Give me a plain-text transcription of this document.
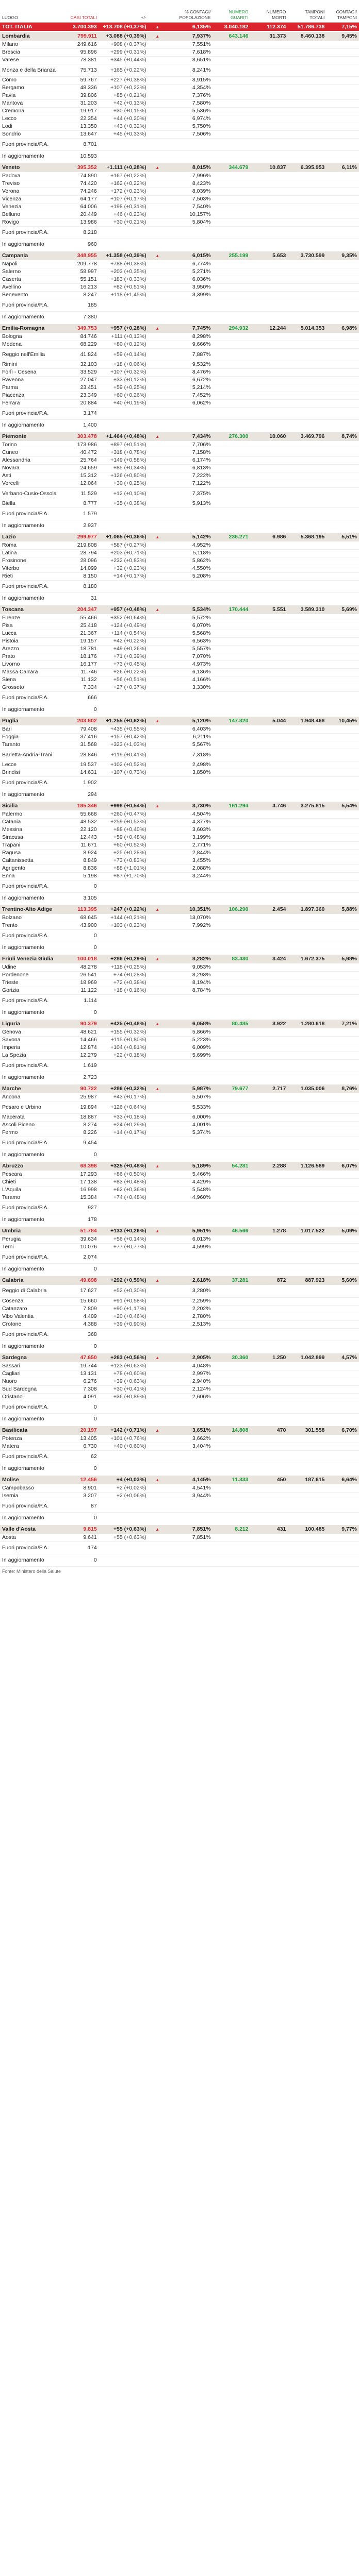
LUOGO	CASI TOTALI	+/-		% CONTAGI/ POPOLAZIONE	NUMERO GUARITI	NUMERO MORTI	TAMPONI TOTALI	CONTAGI/ TAMPONI
TOT. ITALIA	3.700.393	+13.708 (+0,37%)	▲	6,135%	3.040.182	112.374	51.786.738	7,15%
Lombardia	799.911	+3.088 (+0,39%)	▲	7,937%	643.146	31.373	8.460.138	9,45%
Milano	249.616	+908 (+0,37%)		7,551%				
Brescia	95.896	+299 (+0,31%)		7,618%				
Varese	78.381	+345 (+0,44%)		8,651%				
Monza e della Brianza	75.713	+165 (+0,22%)		8,241%				
Como	59.767	+227 (+0,38%)		8,915%				
Bergamo	48.336	+107 (+0,22%)		4,354%				
Pavia	39.806	+85 (+0,21%)		7,376%				
Mantova	31.203	+42 (+0,13%)		7,580%				
Cremona	19.917	+30 (+0,15%)		5,536%				
Lecco	22.354	+44 (+0,20%)		6,974%				
Lodi	13.350	+43 (+0,32%)		5,750%				
Sondrio	13.647	+45 (+0,33%)		7,506%				
Fuori provincia/P.A.	8.701							
In aggiornamento	10.593							
Veneto	395.352	+1.111 (+0,28%)	▲	8,015%	344.679	10.837	6.395.953	6,11%
Padova	74.890	+167 (+0,22%)		7,996%				
Treviso	74.420	+162 (+0,22%)		8,423%				
Verona	74.246	+172 (+0,23%)		8,039%				
Vicenza	64.177	+107 (+0,17%)		7,503%				
Venezia	64.006	+198 (+0,31%)		7,540%				
Belluno	20.449	+46 (+0,23%)		10,157%				
Rovigo	13.986	+30 (+0,21%)		5,804%				
Fuori provincia/P.A.	8.218							
In aggiornamento	960							
Campania	348.955	+1.358 (+0,39%)	▲	6,015%	255.199	5.653	3.730.599	9,35%
Napoli	209.778	+788 (+0,38%)		6,774%				
Salerno	58.997	+203 (+0,35%)		5,271%				
Caserta	55.151	+183 (+0,33%)		6,036%				
Avellino	16.213	+82 (+0,51%)		3,950%				
Benevento	8.247	+118 (+1,45%)		3,399%				
Fuori provincia/P.A.	185							
In aggiornamento	7.380							
Emilia-Romagna	349.753	+957 (+0,28%)	▲	7,745%	294.932	12.244	5.014.353	6,98%
Bologna	84.746	+111 (+0,13%)		8,298%				
Modena	68.229	+80 (+0,12%)		9,666%				
Reggio nell'Emilia	41.824	+59 (+0,14%)		7,887%				
Rimini	32.103	+18 (+0,06%)		9,532%				
Forlì - Cesena	33.529	+107 (+0,32%)		8,476%				
Ravenna	27.047	+33 (+0,12%)		6,672%				
Parma	23.451	+59 (+0,25%)		5,214%				
Piacenza	23.349	+60 (+0,26%)		7,452%				
Ferrara	20.884	+40 (+0,19%)		6,062%				
Fuori provincia/P.A.	3.174							
In aggiornamento	1.400							
Piemonte	303.478	+1.464 (+0,48%)	▲	7,434%	276.300	10.060	3.469.796	8,74%
Torino	173.986	+897 (+0,51%)		7,706%				
Cuneo	40.472	+318 (+0,78%)		7,158%				
Alessandria	25.764	+149 (+0,58%)		6,174%				
Novara	24.659	+85 (+0,34%)		6,813%				
Asti	15.312	+126 (+0,80%)		7,222%				
Vercelli	12.064	+30 (+0,25%)		7,122%				
Verbano-Cusio-Ossola	11.529	+12 (+0,10%)		7,375%				
Biella	8.777	+35 (+0,38%)		5,913%				
Fuori provincia/P.A.	1.579							
In aggiornamento	2.937							
Lazio	299.977	+1.065 (+0,36%)	▲	5,142%	236.271	6.986	5.368.195	5,51%
Roma	219.808	+587 (+0,27%)		4,952%				
Latina	28.794	+203 (+0,71%)		5,118%				
Frosinone	28.096	+232 (+0,83%)		5,862%				
Viterbo	14.099	+32 (+0,23%)		4,550%				
Rieti	8.150	+14 (+0,17%)		5,208%				
Fuori provincia/P.A.	8.180							
In aggiornamento	31							
Toscana	204.347	+957 (+0,48%)	▲	5,534%	170.444	5.551	3.589.310	5,69%
Firenze	55.466	+352 (+0,64%)		5,572%				
Pisa	25.418	+124 (+0,49%)		6,070%				
Lucca	21.367	+114 (+0,54%)		5,568%				
Pistoia	19.157	+42 (+0,22%)		6,563%				
Arezzo	18.781	+49 (+0,26%)		5,557%				
Prato	18.176	+71 (+0,39%)		7,070%				
Livorno	16.177	+73 (+0,45%)		4,973%				
Massa Carrara	11.746	+26 (+0,22%)		6,136%				
Siena	11.132	+56 (+0,51%)		4,166%				
Grosseto	7.334	+27 (+0,37%)		3,330%				
Fuori provincia/P.A.	666							
In aggiornamento	0							
Puglia	203.602	+1.255 (+0,62%)	▲	5,120%	147.820	5.044	1.948.468	10,45%
Bari	79.408	+435 (+0,55%)		6,403%				
Foggia	37.416	+157 (+0,42%)		6,211%				
Taranto	31.568	+323 (+1,03%)		5,567%				
Barletta-Andria-Trani	28.846	+119 (+0,41%)		7,318%				
Lecce	19.537	+102 (+0,52%)		2,498%				
Brindisi	14.631	+107 (+0,73%)		3,850%				
Fuori provincia/P.A.	1.902							
In aggiornamento	294							
Sicilia	185.346	+998 (+0,54%)	▲	3,730%	161.294	4.746	3.275.815	5,54%
Palermo	55.668	+260 (+0,47%)		4,504%				
Catania	48.532	+259 (+0,53%)		4,377%				
Messina	22.120	+88 (+0,40%)		3,603%				
Siracusa	12.443	+59 (+0,48%)		3,199%				
Trapani	11.671	+60 (+0,52%)		2,771%				
Ragusa	8.924	+25 (+0,28%)		2,844%				
Caltanissetta	8.849	+73 (+0,83%)		3,455%				
Agrigento	8.836	+88 (+1,01%)		2,088%				
Enna	5.198	+87 (+1,70%)		3,244%				
Fuori provincia/P.A.	0							
In aggiornamento	3.105							
Trentino-Alto Adige	113.395	+247 (+0,22%)	▲	10,351%	106.290	2.454	1.897.360	5,88%
Bolzano	68.645	+144 (+0,21%)		13,070%				
Trento	43.900	+103 (+0,23%)		7,992%				
Fuori provincia/P.A.	0							
In aggiornamento	0							
Friuli Venezia Giulia	100.018	+286 (+0,29%)	▲	8,282%	83.430	3.424	1.672.375	5,98%
Udine	48.278	+118 (+0,25%)		9,053%				
Pordenone	26.541	+74 (+0,28%)		8,293%				
Trieste	18.969	+72 (+0,38%)		8,194%				
Gorizia	11.122	+18 (+0,16%)		8,784%				
Fuori provincia/P.A.	1.114							
In aggiornamento	0							
Liguria	90.379	+425 (+0,48%)	▲	6,058%	80.485	3.922	1.280.618	7,21%
Genova	48.621	+155 (+0,32%)		5,866%				
Savona	14.466	+115 (+0,80%)		5,223%				
Imperia	12.874	+104 (+0,81%)		6,009%				
La Spezia	12.279	+22 (+0,18%)		5,699%				
Fuori provincia/P.A.	1.619							
In aggiornamento	2.723							
Marche	90.722	+286 (+0,32%)	▲	5,987%	79.677	2.717	1.035.006	8,76%
Ancona	25.987	+43 (+0,17%)		5,507%				
Pesaro e Urbino	19.894	+126 (+0,64%)		5,533%				
Macerata	18.887	+33 (+0,18%)		6,000%				
Ascoli Piceno	8.274	+24 (+0,29%)		4,001%				
Fermo	8.226	+14 (+0,17%)		5,374%				
Fuori provincia/P.A.	9.454							
In aggiornamento	0							
Abruzzo	68.398	+325 (+0,48%)	▲	5,189%	54.281	2.288	1.126.589	6,07%
Pescara	17.293	+86 (+0,50%)		5,466%				
Chieti	17.138	+83 (+0,48%)		4,429%				
L'Aquila	16.998	+62 (+0,36%)		5,548%				
Teramo	15.384	+74 (+0,48%)		4,960%				
Fuori provincia/P.A.	927							
In aggiornamento	178							
Umbria	51.784	+133 (+0,26%)	▲	5,951%	46.566	1.278	1.017.522	5,09%
Perugia	39.634	+56 (+0,14%)		6,013%				
Terni	10.076	+77 (+0,77%)		4,599%				
Fuori provincia/P.A.	2.074							
In aggiornamento	0							
Calabria	49.698	+292 (+0,59%)	▲	2,618%	37.281	872	887.923	5,60%
Reggio di Calabria	17.627	+52 (+0,30%)		3,280%				
Cosenza	15.660	+91 (+0,58%)		2,259%				
Catanzaro	7.809	+90 (+1,17%)		2,202%				
Vibo Valentia	4.409	+20 (+0,46%)		2,780%				
Crotone	4.388	+39 (+0,90%)		2,513%				
Fuori provincia/P.A.	368							
In aggiornamento	0							
Sardegna	47.650	+263 (+0,56%)	▲	2,905%	30.360	1.250	1.042.899	4,57%
Sassari	19.744	+123 (+0,63%)		4,048%				
Cagliari	13.131	+78 (+0,60%)		2,997%				
Nuoro	6.276	+39 (+0,63%)		2,940%				
Sud Sardegna	7.308	+30 (+0,41%)		2,124%				
Oristano	4.091	+36 (+0,89%)		2,606%				
Fuori provincia/P.A.	0							
In aggiornamento	0							
Basilicata	20.197	+142 (+0,71%)	▲	3,651%	14.808	470	301.558	6,70%
Potenza	13.405	+101 (+0,76%)		3,662%				
Matera	6.730	+40 (+0,60%)		3,404%				
Fuori provincia/P.A.	62							
In aggiornamento	0							
Molise	12.456	+4 (+0,03%)	▲	4,145%	11.333	450	187.615	6,64%
Campobasso	8.901	+2 (+0,02%)		4,541%				
Isernia	3.207	+2 (+0,06%)		3,944%				
Fuori provincia/P.A.	87							
In aggiornamento	0							
Valle d'Aosta	9.815	+55 (+0,63%)	▲	7,851%	8.212	431	100.485	9,77%
Aosta	9.641	+55 (+0,63%)		7,851%				
Fuori provincia/P.A.	174							
In aggiornamento	0							
Fonte: Ministero della Salute
